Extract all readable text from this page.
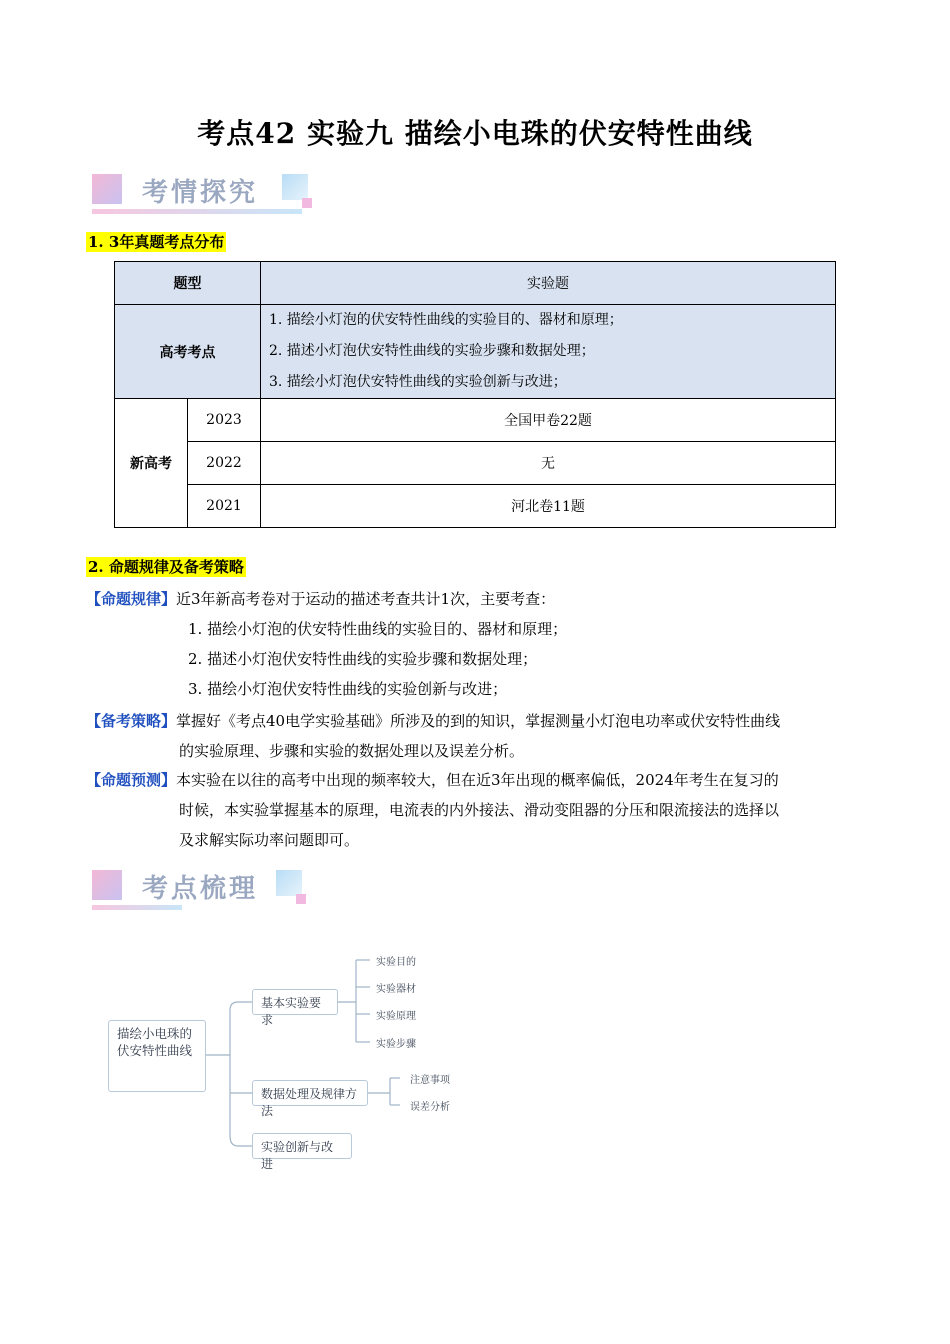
考点42 实验九 描绘小电珠的伏安特性曲线
考情探究
1. 3年真题考点分布
题型		实验题
高考考点		1. 描绘小灯泡的伏安特性曲线的实验目的、器材和原理；
2. 描述小灯泡伏安特性曲线的实验步骤和数据处理；
3. 描绘小灯泡伏安特性曲线的实验创新与改进；

新高考	2023	全国甲卷22题
	2022	无
	2021	河北卷11题
2. 命题规律及备考策略
【命题规律】近3年新高考卷对于运动的描述考查共计1次，主要考查：
1. 描绘小灯泡的伏安特性曲线的实验目的、器材和原理；
2. 描述小灯泡伏安特性曲线的实验步骤和数据处理；
3. 描绘小灯泡伏安特性曲线的实验创新与改进；
【备考策略】掌握好《考点40电学实验基础》所涉及的到的知识，掌握测量小灯泡电功率或伏安特性曲线
的实验原理、步骤和实验的数据处理以及误差分析。
【命题预测】本实验在以往的高考中出现的频率较大，但在近3年出现的概率偏低，2024年考生在复习的
时候，本实验掌握基本的原理，电流表的内外接法、滑动变阻器的分压和限流接法的选择以
及求解实际功率问题即可。
考点梳理
描绘小电珠的伏安特性曲线
基本实验要求
数据处理及规律方法
实验创新与改进
实验目的
实验器材
实验原理
实验步骤
注意事项
误差分析
